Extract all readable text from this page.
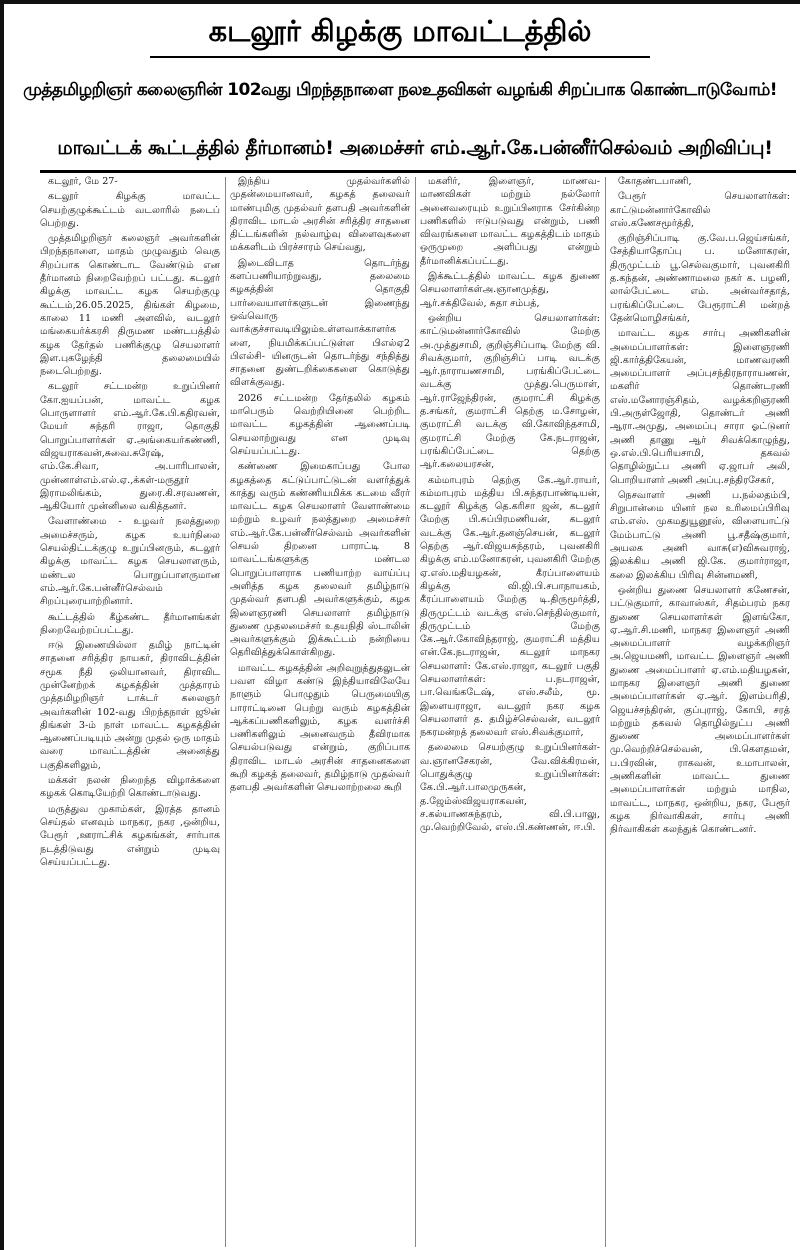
கடலூர் கிழக்கு மாவட்டத்தில்
முத்தமிழறிஞர் கலைஞரின் 102வது பிறந்தநாளை நலஉதவிகள் வழங்கி சிறப்பாக கொண்டாடுவோம்!
மாவட்டக் கூட்டத்தில் தீர்மானம்! அமைச்சர் எம்.ஆர்.கே.பன்னீர்செல்வம் அறிவிப்பு!

கடலூர், மே 27-

கடலூர் கிழக்கு மாவட்ட செயற்குழுக்கூட்டம் வடலாரில் நடைப் பெற்றது.

முத்தமிழறிஞர் கலைஞர் அவர்களின் பிறந்தநாளை, மாதம் முழுவதும் வெகு சிறப்பாக கொண்டாட வேண்டும் என தீர்மானம் நிறைவேற்றப் பட்டது. கடலூர் கிழக்கு மாவட்ட கழக செயற்குழு கூட்டம்,26.05.2025, திங்கள் கிழமை, காலை 11 மணி அளவில், வடலூர் மங்கையர்க்கரசி திருமண மண்டபத்தில் கழக தேர்தல் பணிக்குழு செயலாளர் இள.புகழேந்தி தலைமையில் நடைபெற்றது.

கடலூர் சட்டமன்ற உறுப்பினர் கோ.ஐயப்பன், மாவட்ட கழக பொருளாளர் எம்.ஆர்.கே.பி.கதிரவன், மேயர் சுந்தரி ராஜா, தொகுதி பொறுப்பாளர்கள் ஏ.அங்கையர்கண்ணி, விஜயராகவன்,சுவை.சுரேஷ், எம்.கே.சிவா, அ.பாரிபாலன், முன்னாள்எம்.எல்.ஏ.,க்கள்-மருதூர் இராமலிங்கம், துரை.கி.சரவணன், ஆகியோர் முன்னிலை வகித்தனர்.

வேளாண்மை - உழவர் நலத்துறை அமைச்சரும், கழக உயர்நிலை செயல்திட்டக்குழு உறுப்பினரும், கடலூர் கிழக்கு மாவட்ட கழக செயலாளரும், மண்டல பொறுப்பாளருமான எம்.ஆர்.கே.பன்னீர்செல்வம் சிறப்புரையாற்றினார்.

கூட்டத்தில் கீழ்கண்ட தீர்மானங்கள் நிறைவேற்றப்பட்டது.

ஈடு இணையில்லா தமிழ் நாட்டின் சாதனை சரித்திர நாயகர், திராவிடத்தின் சமூக நீதி ஒலியானவர், திராவிட முன்னேற்றக் கழகத்தின் முத்தாரம் முத்தமிழறிஞர் டாக்டர் கலைஞர் அவர்களின் 102-வது பிறந்தநாள் ஜூன் திங்கள் 3-ம் நாள் மாவட்ட கழகத்தின் ஆணைப்படியும் அன்று முதல் ஒரு மாதம் வரை மாவட்டத்தின் அனைத்து பகுதிகளிலும்,

மக்கள் நலன் நிறைந்த விழாக்களை கழகக் கொடியேற்றி கொண்டாடுவது.

மருத்துவ முகாம்கள், இரத்த தானம் செய்தல் எனவும் மாநகர, நகர ,ஒன்றிய, பேரூர் ,ஊராட்சிக் கழகங்கள், சார்பாக நடத்திடுவது என்றும் முடிவு செய்யப்பட்டது.

இந்திய முதல்வர்களில் முதன்மையானவர், கழகத் தலைவர் மாண்புமிகு முதல்வர் தளபதி அவர்களின் திராவிட மாடல் அரசின் சரித்திர சாதனை திட்டங்களின் நல்வாழ்வு விளைவுகளை மக்களிடம் பிரச்சாரம் செய்வது,

இடைவிடாத தொடர்ந்து களப்பணியாற்றுவது, தலைமை கழகத்தின் தொகுதி பார்வையாளர்களுடன் இணைந்து ஒவ்வொரு வாக்குச்சாவடியிலும்உள்ளவாக்காளர்களை, நியமிக்கப்பட்டுள்ள பிஎல்ஏ2 பிஎல்சி- யினருடன் தொடர்ந்து சந்தித்து சாதனை துண்டறிக்கைகளை கொடுத்து விளக்குவது.

2026 சட்டமன்ற தேர்தலில் கழகம் மாபெரும் வெற்றியினை பெற்றிட மாவட்ட கழகத்தின் ஆணைப்படி செயலாற்றுவது என முடிவு செய்யப்பட்டது.

கண்ணை இமைகாப்பது போல கழகத்தை கட்டுப்பாட்டுடன் வளர்த்துக் காத்து வரும் கண்ணியமிக்க கடமை வீரர் மாவட்ட கழக செயலாளர் வேளாண்மை மற்றும் உழவர் நலத்துறை அமைச்சர் எம்.ஆர்.கே.பன்னீர்செல்வம் அவர்களின் செயல் திறனை பாராட்டி 8 மாவட்டங்களுக்கு மண்டல பொறுப்பாளராக பணியாற்ற வாய்ப்பு அளித்த கழக தலைவர் தமிழ்நாடு முதல்வர் தளபதி அவர்களுக்கும், கழக இளைஞரணி செயலாளர் தமிழ்நாடு துணை முதலமைச்சர் உதயநிதி ஸ்டாலின் அவர்களுக்கும் இக்கூட்டம் நன்றியை தெரிவித்துக்கொள்கிறது.

மாவட்ட கழகத்தின் அறிவுறுத்துதலுடன் பவள விழா கண்டு இந்தியாவிலேயே நாளும் பொழுதும் பெருமையிகு பாராட்டினை பெற்று வரும் கழகத்தின் ஆக்கப்பணிகளிலும், கழக வளர்ச்சி பணிகளிலும் அனைவரும் தீவிரமாக செயல்படுவது என்றும், குறிப்பாக திராவிட மாடல் அரசின் சாதனைகளை கூறி கழகத் தலைவர், தமிழ்நாடு முதல்வர் தளபதி அவர்களின் செயலாற்றலை கூறி

மகளிர், இளைஞர், மாணவ-மாணவிகள் மற்றும் நல்லோர் அனைவரையும் உறுப்பினராக சேர்கின்ற பணிகளில் ஈடுபடுவது என்றும், பணி விவரங்களை மாவட்ட கழகத்திடம் மாதம் ஒருமுறை அளிப்பது என்றும் தீர்மானிக்கப்பட்டது.

இக்கூட்டத்தில் மாவட்ட கழக துணை செயலாளர்கள்அ.ஞானமுத்து, ஆர்.சக்திவேல், சுதா சம்பத்,

ஒன்றிய செயலாளர்கள்: காட்டுமன்னார்கோவில் மேற்கு அ.முத்துசாமி, குறிஞ்சிப்பாடி மேற்கு வி. சிவக்குமார், குறிஞ்சிப் பாடி வடக்கு ஆர்.நாராயணசாமி, பரங்கிப்பேட்டை வடக்கு முத்து.பெருமாள், ஆர்.ராஜேந்திரன், குமராட்சி கிழக்கு த.சங்கர், குமராட்சி தெற்கு ம.சோழன், குமராட்சி வடக்கு வி.கோவிந்தசாமி, குமராட்சி மேற்கு கே.நடராஜன், பரங்கிப்பேட்டை தெற்கு ஆர்.கலையரசன்,

கம்மாபுரம் தெற்கு கே.ஆர்.ராயர், கம்மாபுரம் மத்திய பி.சுந்தரபாண்டியன், கடலூர் கிழக்கு தெ.கரிசா ஜன், கடலூர் மேற்கு பி.சுப்பிரமணியன், கடலூர் வடக்கு கே.ஆர்.தனஞ்செயன், கடலூர் தெற்கு ஆர்.விஜயசுந்தரம், புவனகிரி கிழக்கு எம்.மனோகரன், புவனகிரி மேற்கு ஏ.எஸ்.மதியழகன், கீரப்பாளையம் கிழக்கு வி.ஜி.பி.சபாநாயகம், கீரப்பாளையம் மேற்கு டி.திருமூர்த்தி, திருமுட்டம் வடக்கு எஸ்.செந்தில்குமார், திருமுட்டம் மேற்கு கே.ஆர்.கோவிந்தராஜ், குமராட்சி மத்திய என்.கே.நடராஜன், கடலூர் மாநகர செயலாளர்: கே.எஸ்.ராஜா, கடலூர் பகுதி செயலாளர்கள்: ப.நடராஜன், பா.வெங்கடேஷ், எஸ்.சலீம், மூ. இளையராஜா, வடலூர் நகர கழக செயலாளர் த. தமிழ்ச்செல்வன், வடலூர் நகரமன்றத் தலைவர் எஸ்.சிவக்குமார்,

தலைமை செயற்குழு உறுப்பினர்கள்- வ.ஞானசேகரன், வே.விக்கிரமன், பொதுக்குழு உறுப்பினர்கள்: கே.பி.ஆர்.பாலமுருகன், த.ஜேம்ஸ்விஜயராகவன், ச.கல்யாணசுந்தரம், வி.பி.பாலு, மு.வெற்றிவேல், எஸ்.பி.கண்ணன், ஈ.பி.

கோதண்டபாணி,

பேரூர் செயலாளர்கள்: காட்டுமன்னார்கோவில் எஸ்.கணேசமூர்த்தி,

குறிஞ்சிப்பாடி கு.வே.ப.ஜெய்சங்கர், சேத்தியாதோப்பு ப. மனோகரன், திருமுட்டம் பூ.செல்வகுமார், புவனகிரி த.கந்தன், அண்ணாமலை நகர் க. பழனி, லால்பேட்டை எம். அன்வர்சதாத், பரங்கிப்பேட்டை பேரூராட்சி மன்றத் தேன்மொழிசங்கர்,

மாவட்ட கழக சார்பு அணிகளின் அமைப்பாளர்கள்: இளைஞரணி ஜி.கார்த்திகேயன், மாணவரணி அமைப்பாளர் அப்புசந்திரநாராயணன், மகளிர் தொண்டரணி எஸ்.மனோரஞ்சிதம், வழக்கறிஞரணி பி.அருள்ஜோதி, தொண்டர் அணி ஆரா.அமுது, அமைப்பு சாரா ஓட்டுனர் அணி தாணு ஆர் சிவக்கொழுந்து, ஒ.எல்.பி.பெரியசாமி, தகவல் தொழில்நுட்ப அணி ஏ.ஜாபர் அலி, பொறியாளர் அணி அப்பு.சந்திரசேகர்,

நெசவாளர் அணி ப.நல்லதம்பி, சிறுபான்மை யினர் நல உரிமைப்பிரிவு எம்.எஸ். முகமதுயூனூஸ், விளையாட்டு மேம்பாட்டு அணி பூ.சதீஷ்குமார், அயலக அணி வாசு(எ)விசுவராஜ், இலக்கிய அணி ஜி.கே. குமார்ராஜா, கலை இலக்கிய பிரிவு சின்னமணி,

ஒன்றிய துணை செயலாளர் கணேசன், பட்டுகுமார், காவாஸ்கர், சிதம்பரம் நகர துணை செயலாளர்கள் இளங்கோ, ஏ.ஆர்.சி.மணி, மாநகர இளைஞர் அணி அமைப்பாளர் வழக்கறிஞர் அ.ஜெயமணி, மாவட்ட இளைஞர் அணி துணை அமைப்பாளர் ஏ.எம்.மதியழகன், மாநகர இளைஞர் அணி துணை அமைப்பாளர்கள் ஏ.ஆர். இளம்பரிதி, ஜெயச்சந்திரன், குப்புராஜ், கோபி, சரத் மற்றும் தகவல் தொழில்நுட்ப அணி துணை அமைப்பாளர்கள் மு.வெற்றிச்செல்வன், பி.கௌதமன், ப.பிரவின், ராகவன், உமாபாலன், அணிகளின் மாவட்ட துணை அமைப்பாளர்கள் மற்றும் மாநில, மாவட்ட, மாநகர, ஒன்றிய, நகர, பேரூர் கழக நிர்வாகிகள், சார்பு அணி நிர்வாகிகள் கலந்துக் கொண்டனர்.
